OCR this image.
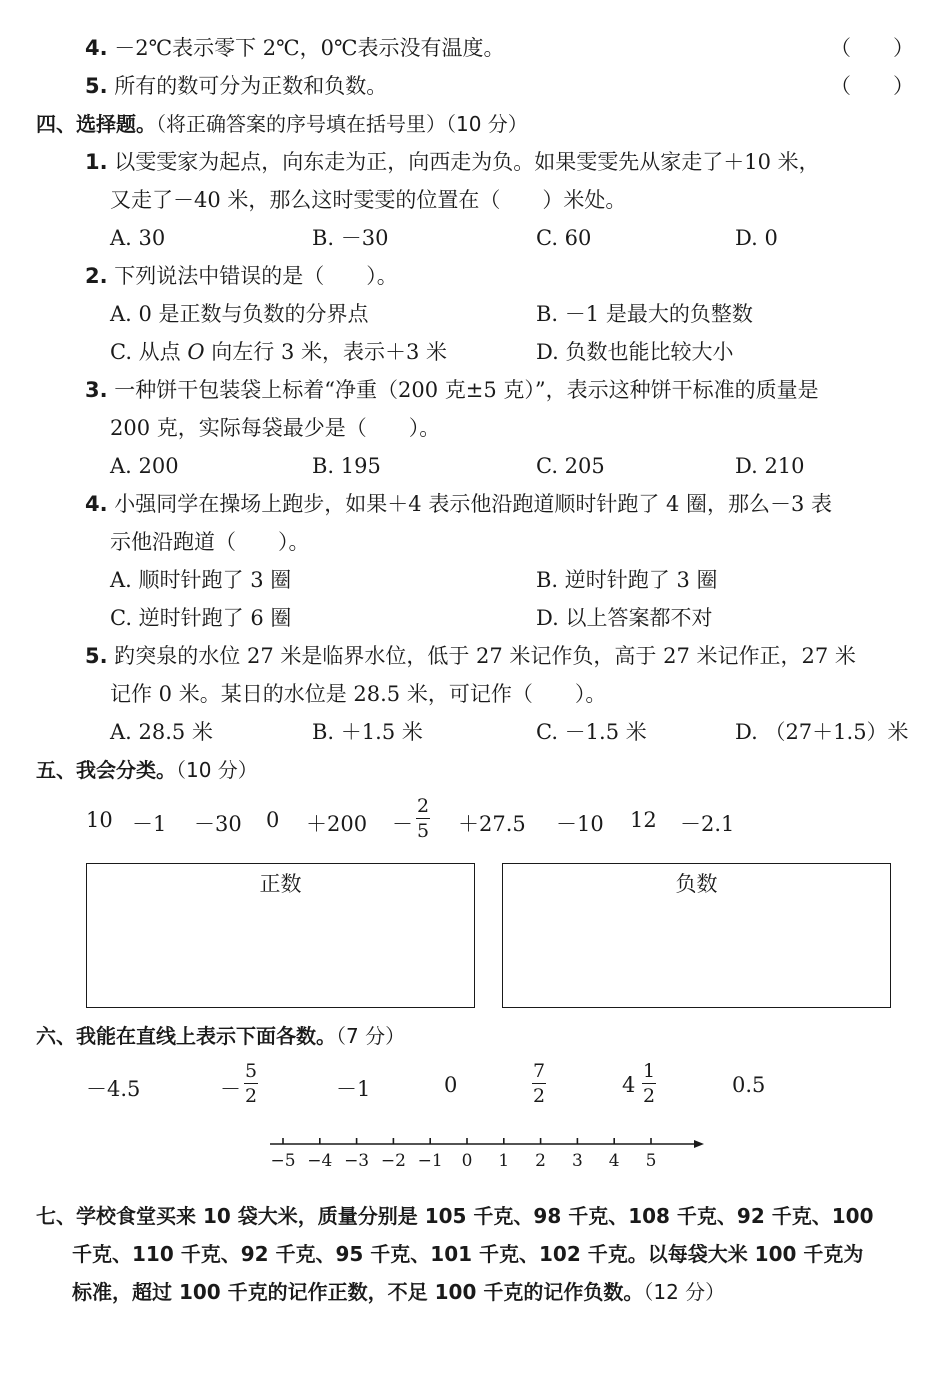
4. －2℃表示零下 2℃，0℃表示没有温度。	（　　）
5. 所有的数可分为正数和负数。	（　　）
四、选择题。（将正确答案的序号填在括号里）（10 分）
1. 以雯雯家为起点，向东走为正，向西走为负。如果雯雯先从家走了＋10 米，
又走了－40 米，那么这时雯雯的位置在（　　）米处。
A. 30	B. －30	C. 60	D. 0
2. 下列说法中错误的是（　　）。
A. 0 是正数与负数的分界点	B. －1 是最大的负整数
C. 从点 O 向左行 3 米，表示＋3 米	D. 负数也能比较大小
3. 一种饼干包装袋上标着“净重（200 克±5 克）”，表示这种饼干标准的质量是
200 克，实际每袋最少是（　　）。
A. 200	B. 195	C. 205	D. 210
4. 小强同学在操场上跑步，如果＋4 表示他沿跑道顺时针跑了 4 圈，那么－3 表
示他沿跑道（　　）。
A. 顺时针跑了 3 圈	B. 逆时针跑了 3 圈
C. 逆时针跑了 6 圈	D. 以上答案都不对
5. 趵突泉的水位 27 米是临界水位，低于 27 米记作负，高于 27 米记作正，27 米
记作 0 米。某日的水位是 28.5 米，可记作（　　）。
A. 28.5 米	B. ＋1.5 米	C. －1.5 米	D. （27＋1.5）米
五、我会分类。（10 分）
10 －1 －30 $0 +200 - \frac{2}{5} +27.5 -10$ 12 －2.1
正数	负数
六、我能在直线上表示下面各数。（7 分）
－4.5	－ $\frac{5}{2}$	－1	0	$\frac{7}{2}$	$4 \frac{1}{2}$	0.5
−5 −4 −3 −2 −1 0 1 2 3 4 5
七、学校食堂买来 10 袋大米，质量分别是 105 千克、98 千克、108 千克、92 千克、100
千克、110 千克、92 千克、95 千克、101 千克、102 千克。以每袋大米 100 千克为
标准，超过 100 千克的记作正数，不足 100 千克的记作负数。（12 分）
